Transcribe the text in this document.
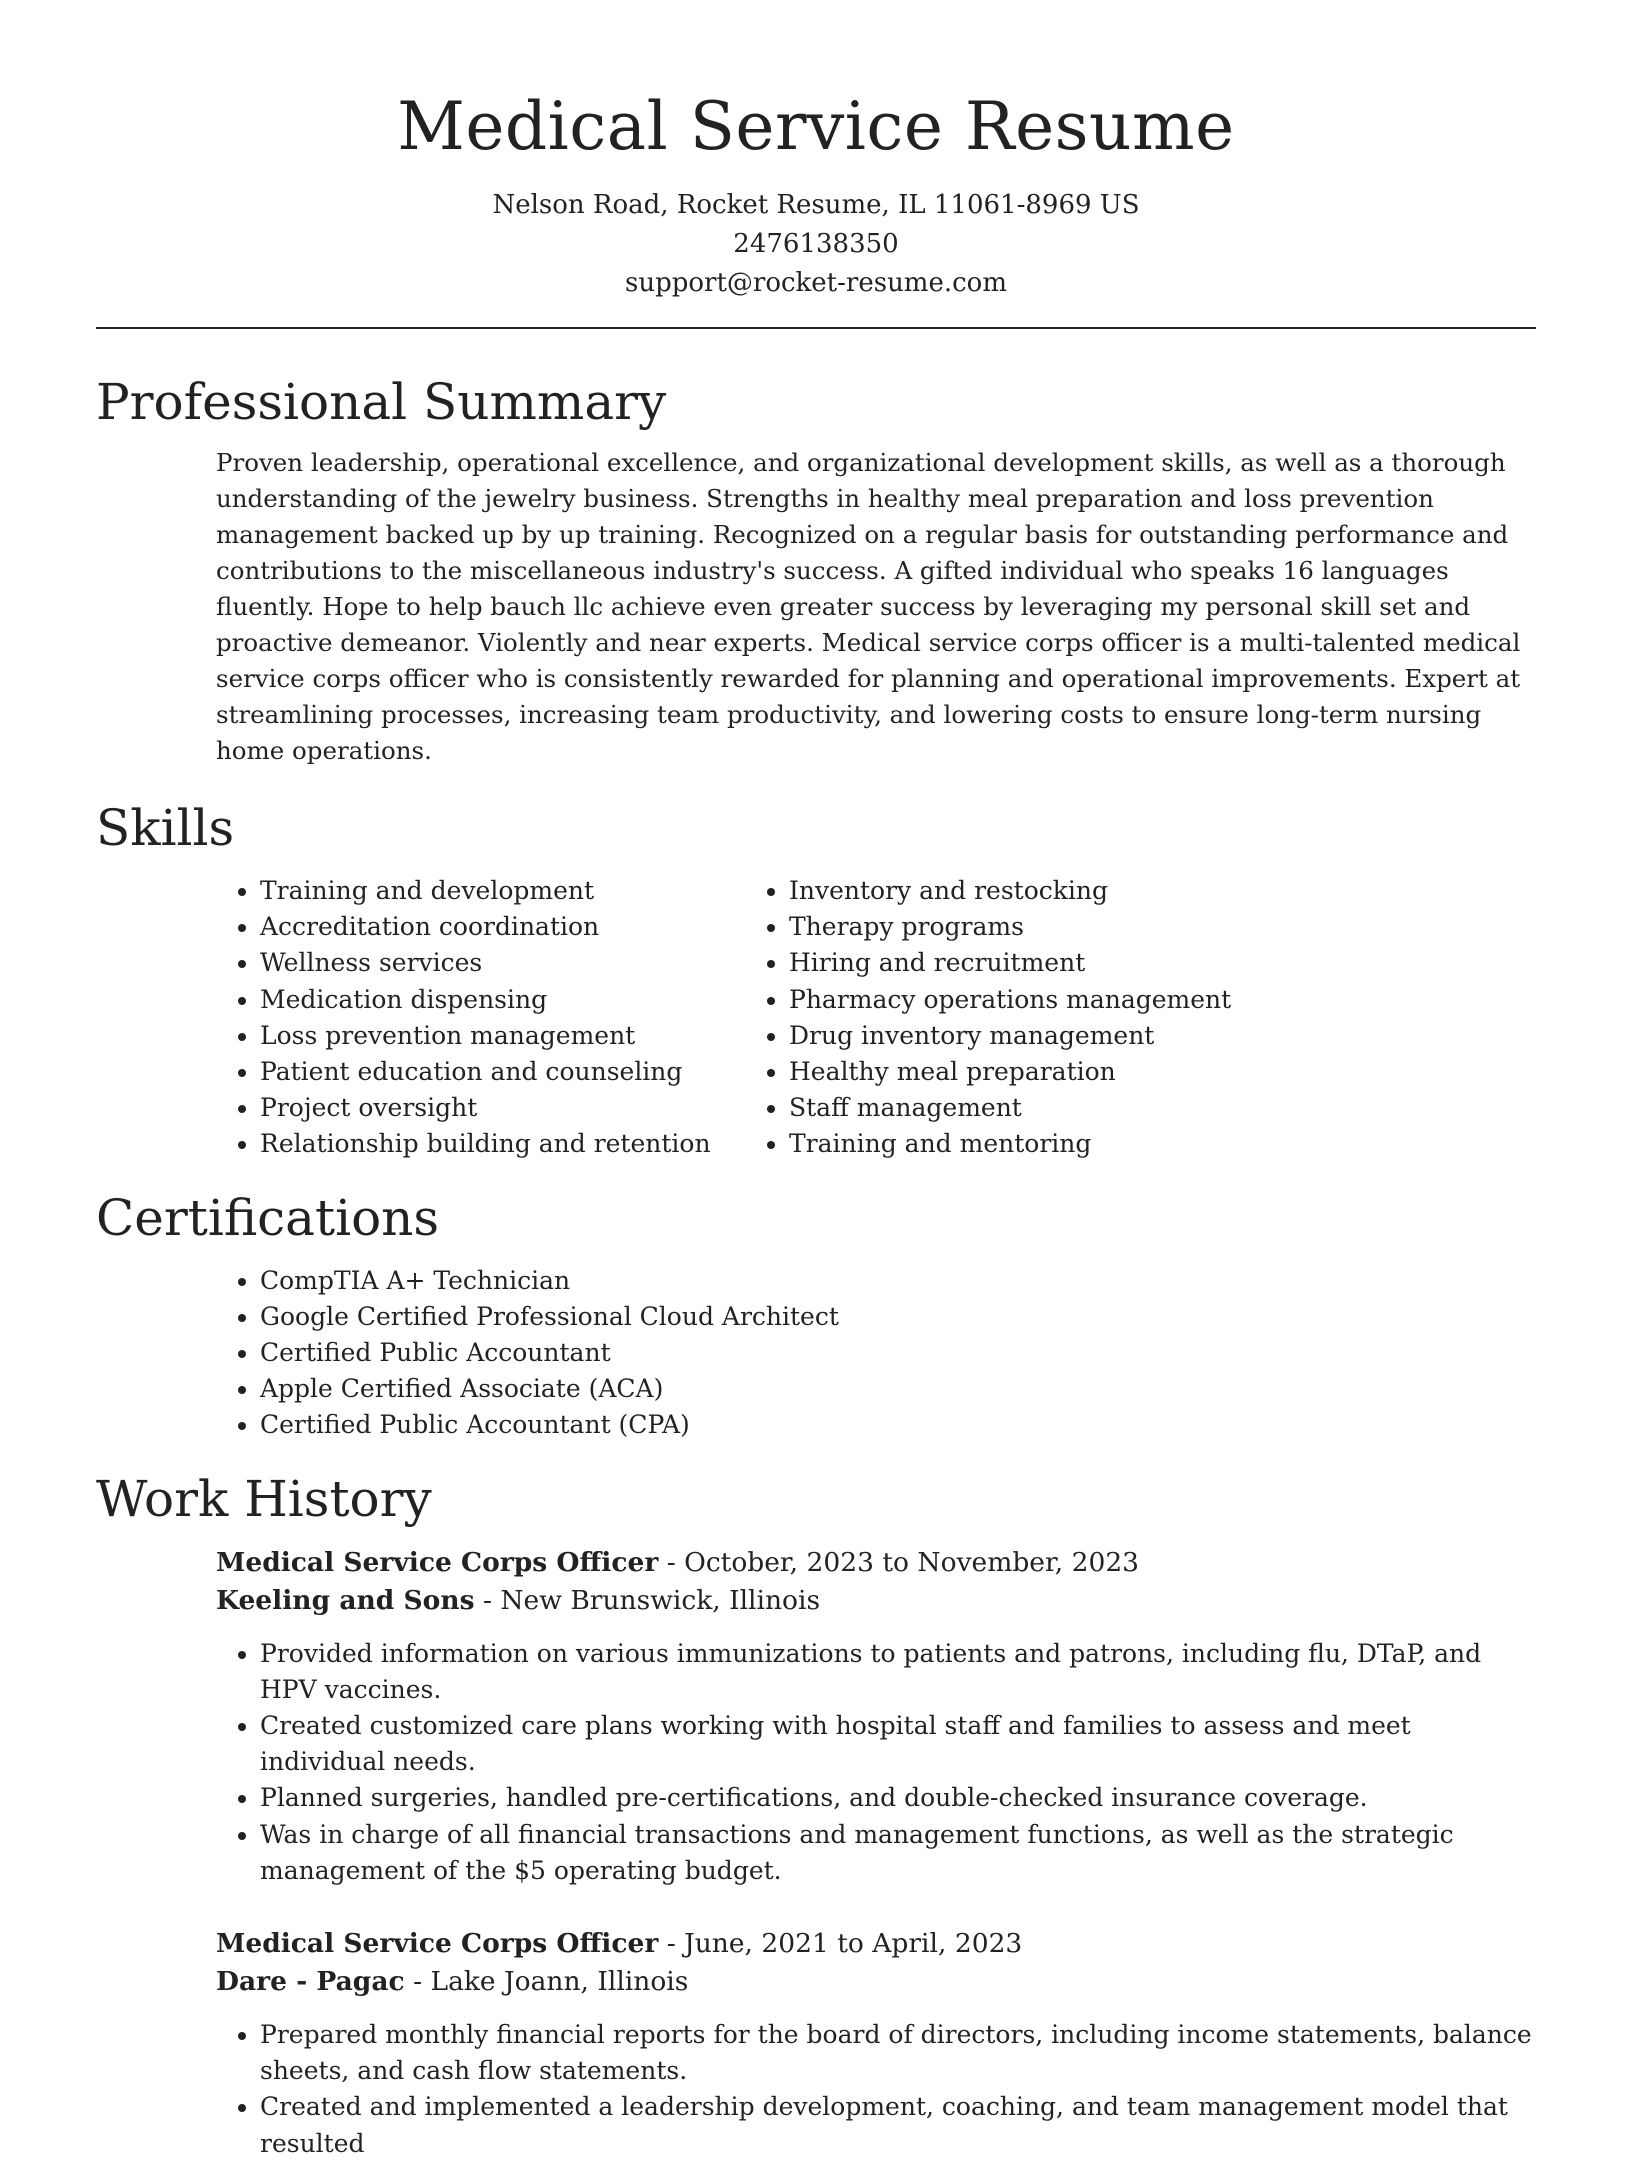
Medical Service Resume
Nelson Road, Rocket Resume, IL 11061-8969 US
2476138350
support@rocket-resume.com
Professional Summary

Proven leadership, operational excellence, and organizational development skills, as well as a thorough understanding of the jewelry business. Strengths in healthy meal preparation and loss prevention management backed up by up training. Recognized on a regular basis for outstanding performance and contributions to the miscellaneous industry's success. A gifted individual who speaks 16 languages fluently. Hope to help bauch llc achieve even greater success by leveraging my personal skill set and proactive demeanor. Violently and near experts. Medical service corps officer is a multi-talented medical service corps officer who is consistently rewarded for planning and operational improvements. Expert at streamlining processes, increasing team productivity, and lowering costs to ensure long-term nursing home operations.

Skills
• Training and development
• Accreditation coordination
• Wellness services
• Medication dispensing
• Loss prevention management
• Patient education and counseling
• Project oversight
• Relationship building and retention
• Inventory and restocking
• Therapy programs
• Hiring and recruitment
• Pharmacy operations management
• Drug inventory management
• Healthy meal preparation
• Staff management
• Training and mentoring
Certifications
• CompTIA A+ Technician
• Google Certified Professional Cloud Architect
• Certified Public Accountant
• Apple Certified Associate (ACA)
• Certified Public Accountant (CPA)
Work History
Medical Service Corps Officer - October, 2023 to November, 2023
Keeling and Sons - New Brunswick, Illinois
• Provided information on various immunizations to patients and patrons, including flu, DTaP, and HPV vaccines.
• Created customized care plans working with hospital staff and families to assess and meet individual needs.
• Planned surgeries, handled pre-certifications, and double-checked insurance coverage.
• Was in charge of all financial transactions and management functions, as well as the strategic management of the $5 operating budget.
Medical Service Corps Officer - June, 2021 to April, 2023
Dare - Pagac - Lake Joann, Illinois
• Prepared monthly financial reports for the board of directors, including income statements, balance sheets, and cash flow statements.
• Created and implemented a leadership development, coaching, and team management model that resulted
